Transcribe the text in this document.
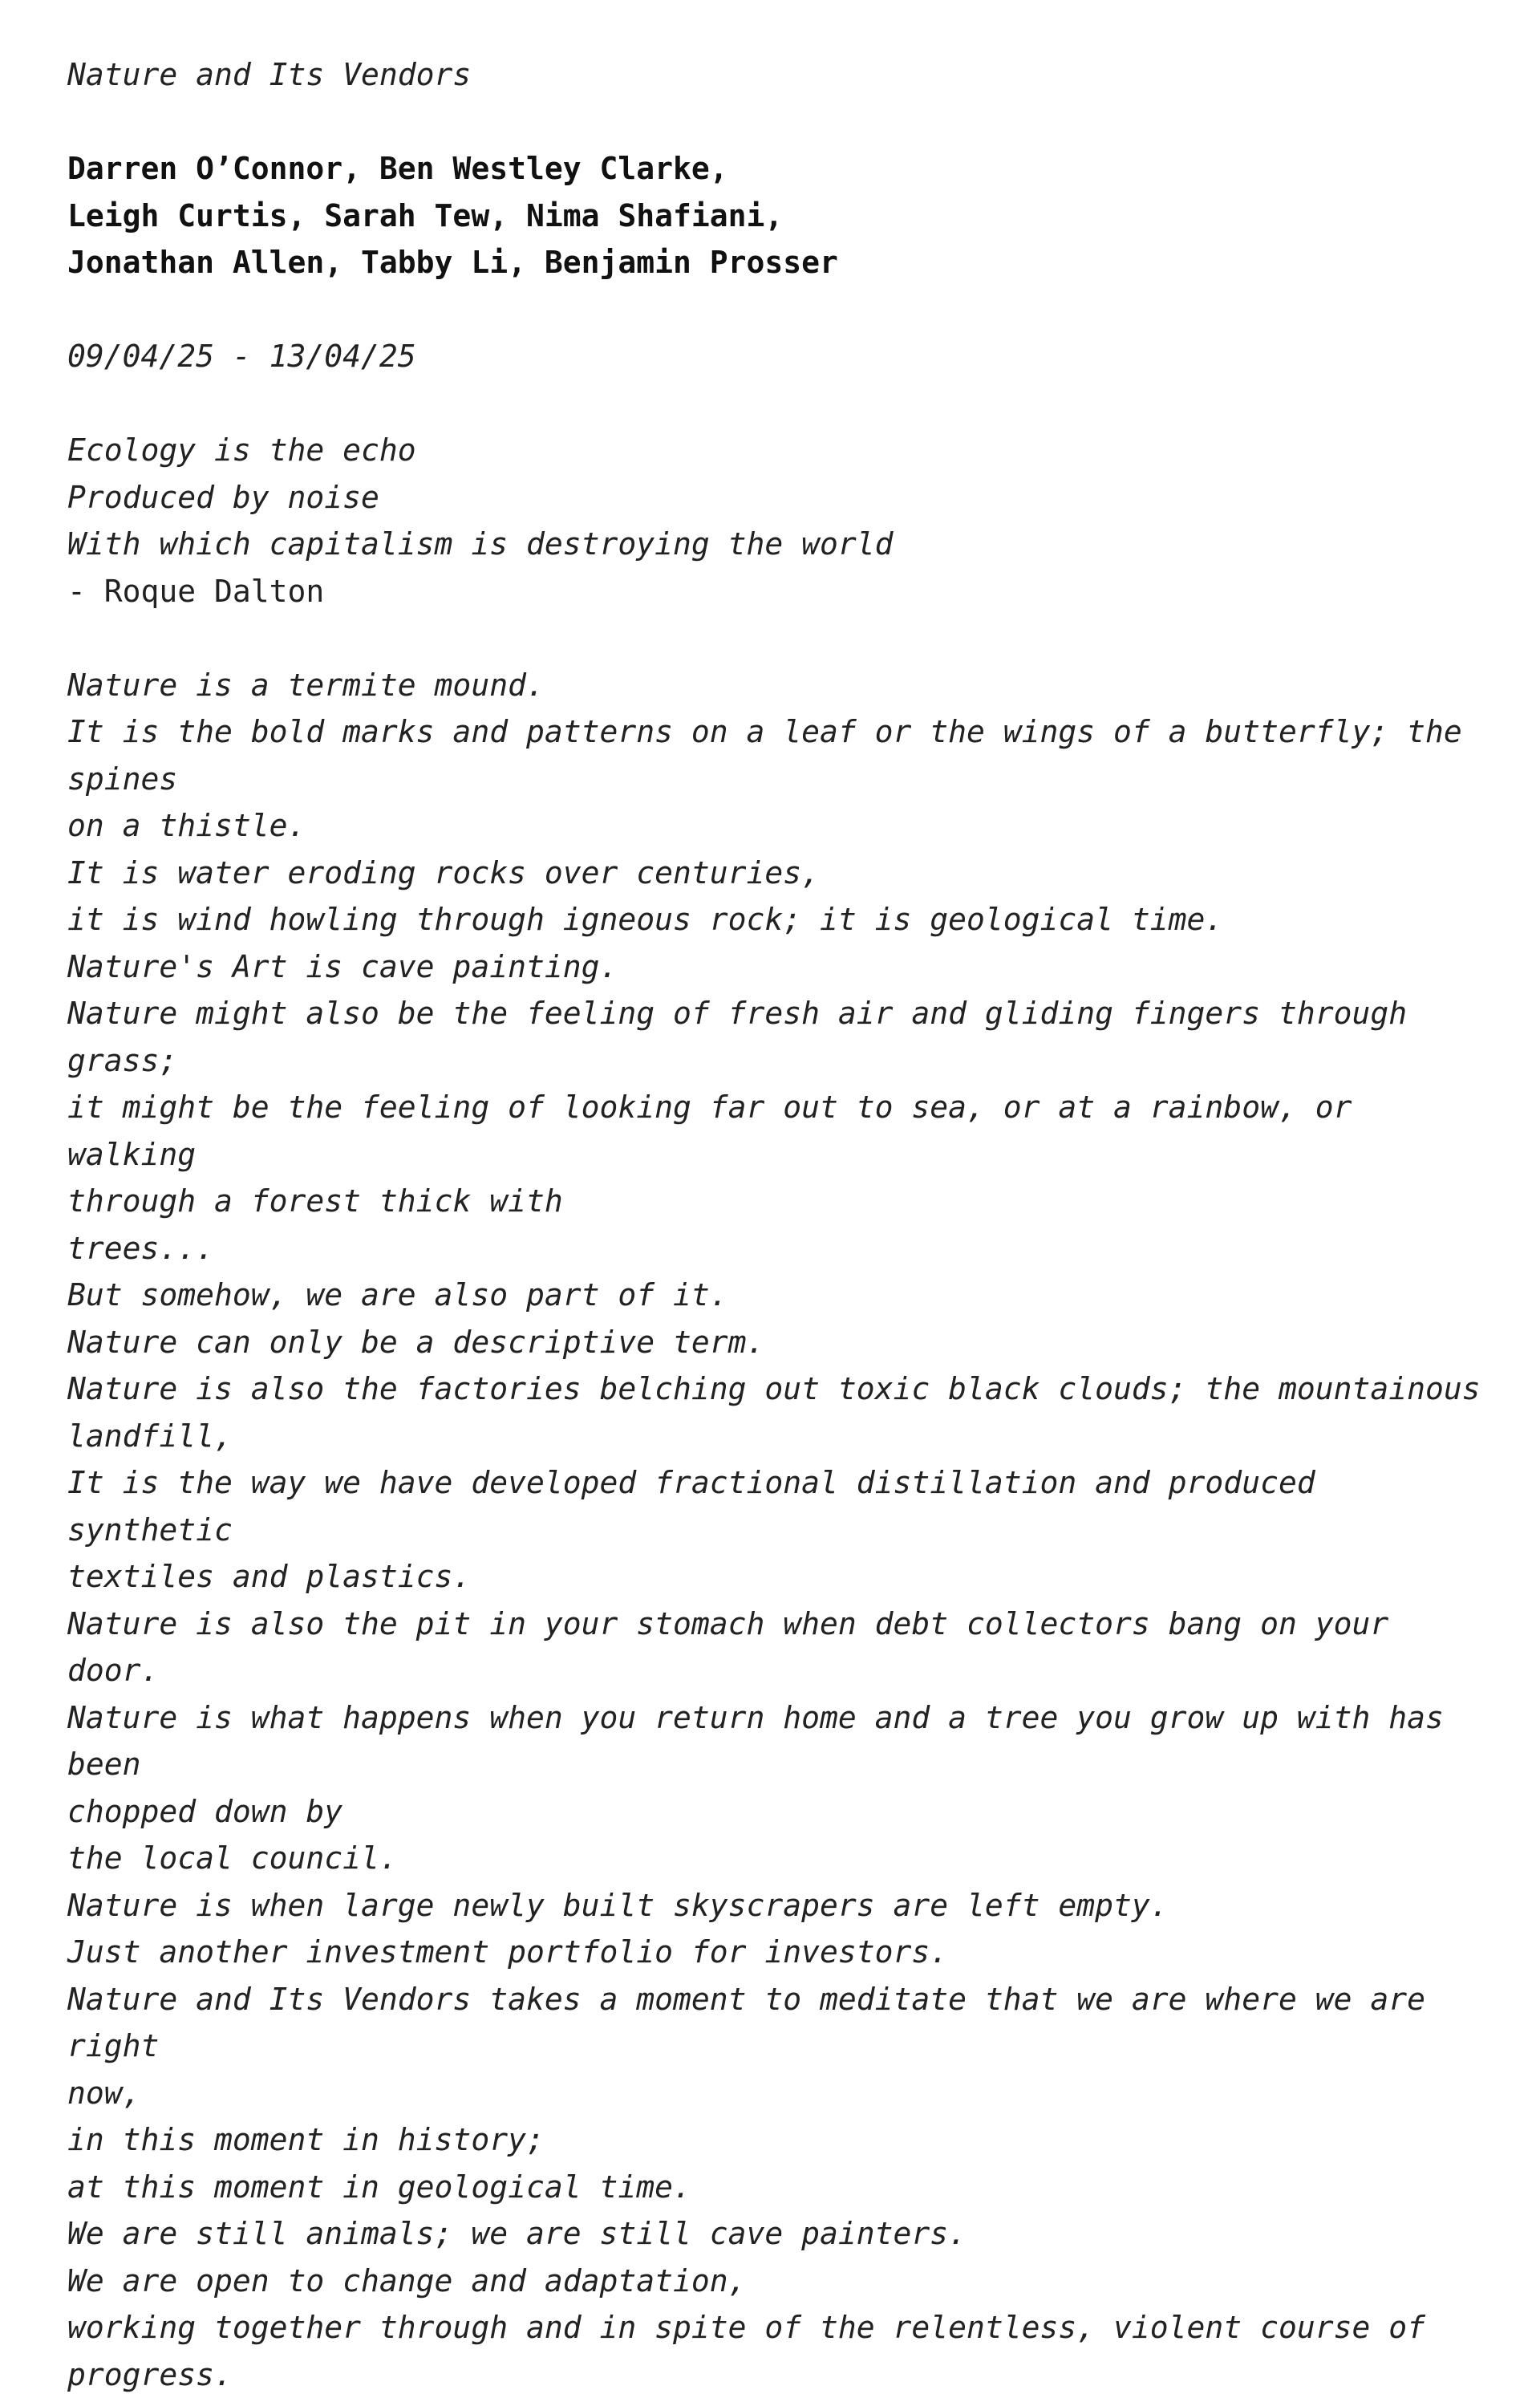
Nature and Its Vendors
Darren O’Connor, Ben Westley Clarke,
Leigh Curtis, Sarah Tew, Nima Shafiani,
Jonathan Allen, Tabby Li, Benjamin Prosser
09/04/25 - 13/04/25
Ecology is the echo
Produced by noise
With which capitalism is destroying the world
- Roque Dalton
Nature is a termite mound.
It is the bold marks and patterns on a leaf or the wings of a butterfly; the spines
on a thistle.
It is water eroding rocks over centuries,
it is wind howling through igneous rock; it is geological time.
Nature's Art is cave painting.
Nature might also be the feeling of fresh air and gliding fingers through grass;
it might be the feeling of looking far out to sea, or at a rainbow, or walking
through a forest thick with
trees...
But somehow, we are also part of it.
Nature can only be a descriptive term.
Nature is also the factories belching out toxic black clouds; the mountainous
landfill,
It is the way we have developed fractional distillation and produced synthetic
textiles and plastics.
Nature is also the pit in your stomach when debt collectors bang on your door.
Nature is what happens when you return home and a tree you grow up with has been
chopped down by
the local council.
Nature is when large newly built skyscrapers are left empty.
Just another investment portfolio for investors.
Nature and Its Vendors takes a moment to meditate that we are where we are right
now,
in this moment in history;
at this moment in geological time.
We are still animals; we are still cave painters.
We are open to change and adaptation,
working together through and in spite of the relentless, violent course of
progress.
